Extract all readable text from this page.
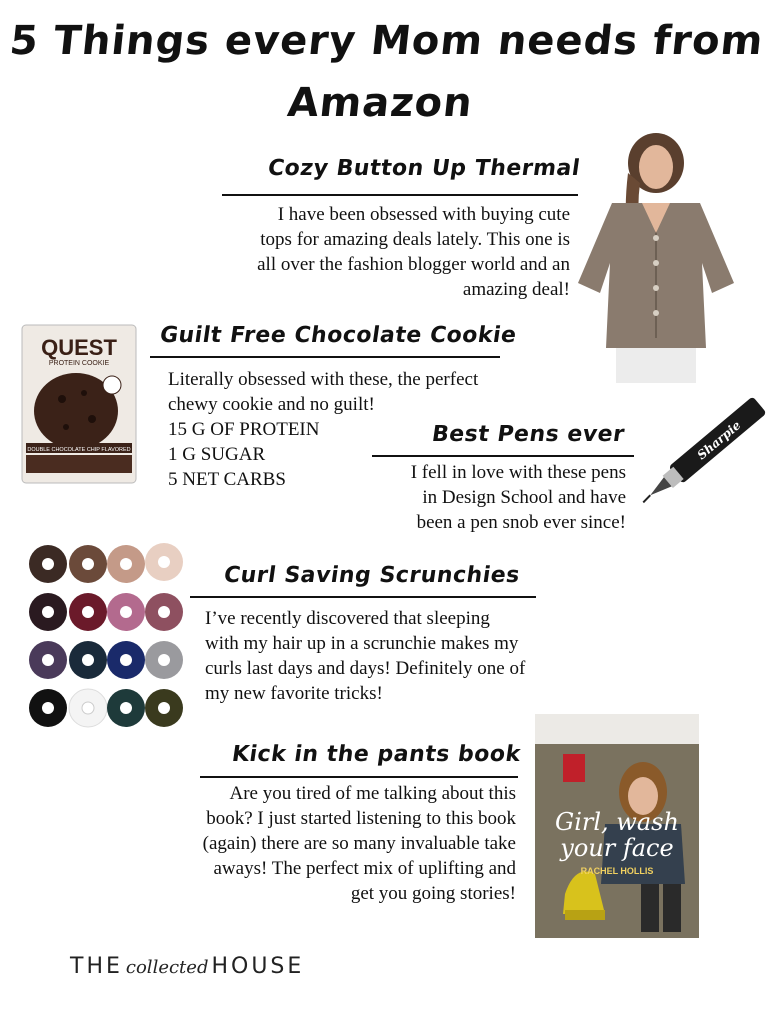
5 Things every Mom needs from
Amazon
Cozy Button Up Thermal
I have been obsessed with buying cute
tops for amazing deals lately. This one is
all over the fashion blogger world and an
amazing deal!
QUEST
PROTEIN COOKIE
DOUBLE CHOCOLATE CHIP FLAVORED
Guilt Free Chocolate Cookie
Literally obsessed with these, the perfect
chewy cookie and no guilt!
15 G OF PROTEIN
1 G SUGAR
5 NET CARBS
Best Pens ever
I fell in love with these pens
in Design School and have
been a pen snob ever since!
Sharpie
Curl Saving Scrunchies
I’ve recently discovered that sleeping
with my hair up in a scrunchie makes my
curls last days and days! Definitely one of
my new favorite tricks!
Kick in the pants book
Are you tired of me talking about this
book? I just started listening to this book
(again) there are so many invaluable take
aways! The perfect mix of uplifting and
get you going stories!
Girl, wash
your face
RACHEL HOLLIS
THE collected HOUSE
